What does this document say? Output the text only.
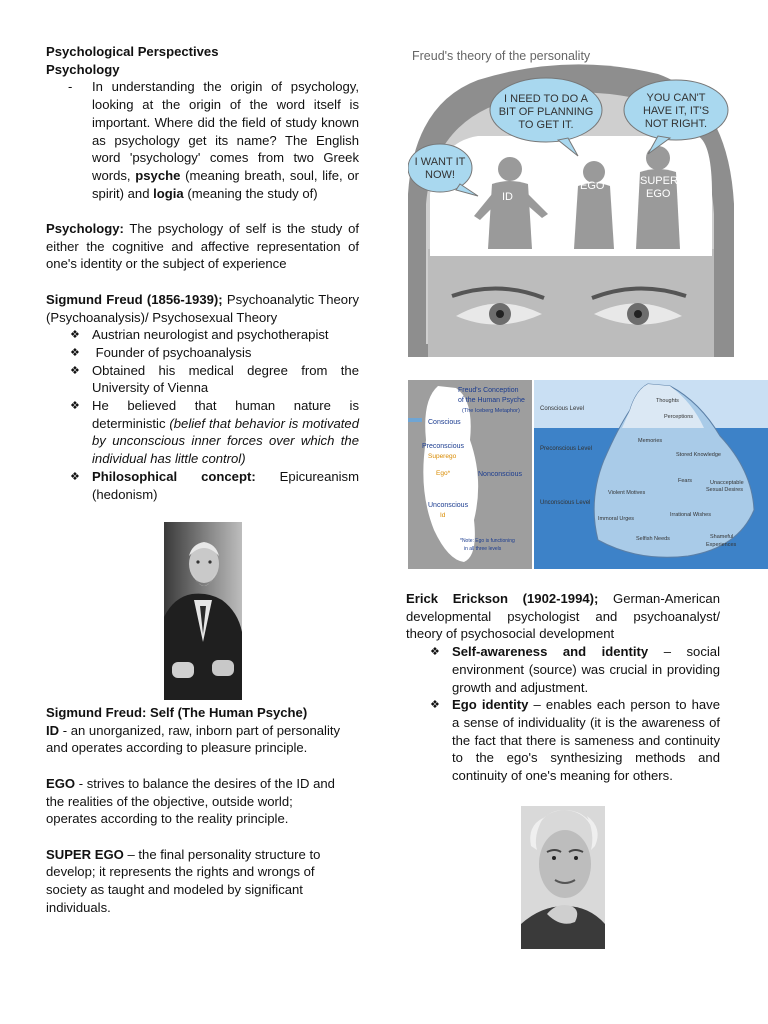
Psychological Perspectives

Psychology

- In understanding the origin of psychology, looking at the origin of the word itself is important. Where did the field of study known as psychology get its name? The English word 'psychology' comes from two Greek words, psyche (meaning breath, soul, life, or spirit) and logia (meaning the study of)

Psychology: The psychology of self is the study of either the cognitive and affective representation of one's identity or the subject of experience

Sigmund Freud (1856-1939); Psychoanalytic Theory (Psychoanalysis)/ Psychosexual Theory

❖ Austrian neurologist and psychotherapist
❖ Founder of psychoanalysis
❖ Obtained his medical degree from the University of Vienna
❖ He believed that human nature is deterministic (belief that behavior is motivated by unconscious inner forces over which the individual has little control)
❖ Philosophical concept: Epicureanism (hedonism)

Sigmund Freud: Self (The Human Psyche)

ID - an unorganized, raw, inborn part of personality and operates according to pleasure principle.

EGO - strives to balance the desires of the ID and the realities of the objective, outside world; operates according to the reality principle.

SUPER EGO – the final personality structure to develop; it represents the rights and wrongs of society as taught and modeled by significant individuals.

Freud's theory of the personality
ID
EGO	SUPER
EGO
I NEED TO DO A
BIT OF PLANNING
TO GET IT.
YOU CAN'T
HAVE IT, IT'S
NOT RIGHT.
I WANT IT
NOW!
Freud's Conception
of the Human Psyche
(The Iceberg Metaphor)
Conscious
Preconscious
Superego
Ego*	Nonconscious
Unconscious
Id
*Note: Ego is functioning
in all three levels
Conscious Level
Preconscious Level
Unconscious Level
Thoughts
Perceptions
Memories
Stored Knowledge
Fears	Unacceptable
Sexual Desires
Violent Motives
Immoral Urges
Irrational Wishes
Selfish Needs	Shameful
Experiences

Erick Erickson (1902-1994); German-American developmental psychologist and psychoanalyst/ theory of psychosocial development

❖ Self-awareness and identity – social environment (source) was crucial in providing growth and adjustment.
❖ Ego identity – enables each person to have a sense of individuality (it is the awareness of the fact that there is sameness and continuity to the ego's synthesizing methods and continuity of one's meaning for others.
